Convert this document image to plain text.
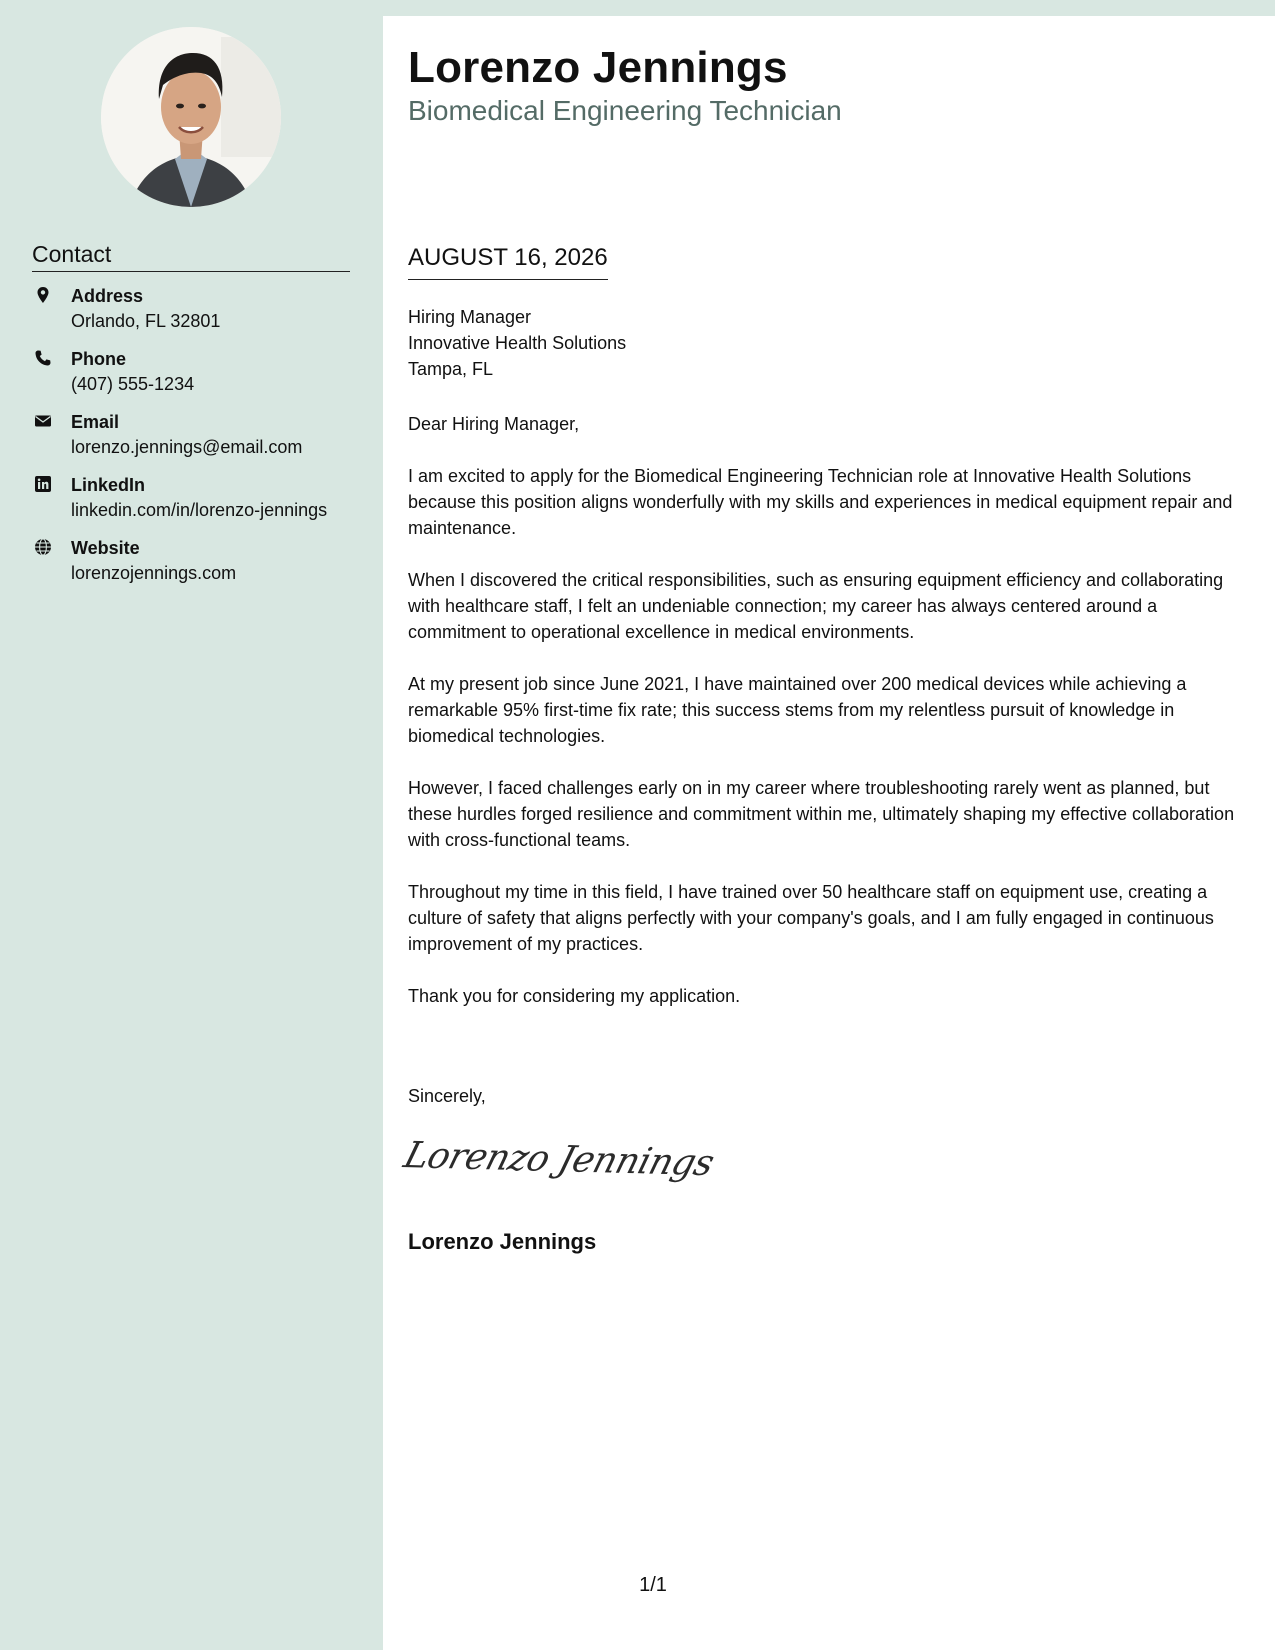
Contact
Address
Orlando, FL 32801
Phone
(407) 555-1234
Email
lorenzo.jennings@email.com
LinkedIn
linkedin.com/in/lorenzo-jennings
Website
lorenzojennings.com
Lorenzo Jennings
Biomedical Engineering Technician
AUGUST 16, 2026
Hiring Manager
Innovative Health Solutions
Tampa, FL

Dear Hiring Manager,

I am excited to apply for the Biomedical Engineering Technician role at Innovative Health Solutions because this position aligns wonderfully with my skills and experiences in medical equipment repair and maintenance.

When I discovered the critical responsibilities, such as ensuring equipment efficiency and collaborating with healthcare staff, I felt an undeniable connection; my career has always centered around a commitment to operational excellence in medical environments.

At my present job since June 2021, I have maintained over 200 medical devices while achieving a remarkable 95% first-time fix rate; this success stems from my relentless pursuit of knowledge in biomedical technologies.

However, I faced challenges early on in my career where troubleshooting rarely went as planned, but these hurdles forged resilience and commitment within me, ultimately shaping my effective collaboration with cross-functional teams.

Throughout my time in this field, I have trained over 50 healthcare staff on equipment use, creating a culture of safety that aligns perfectly with your company's goals, and I am fully engaged in continuous improvement of my practices.

Thank you for considering my application.

Sincerely,
Lorenzo Jennings
Lorenzo Jennings
1/1
